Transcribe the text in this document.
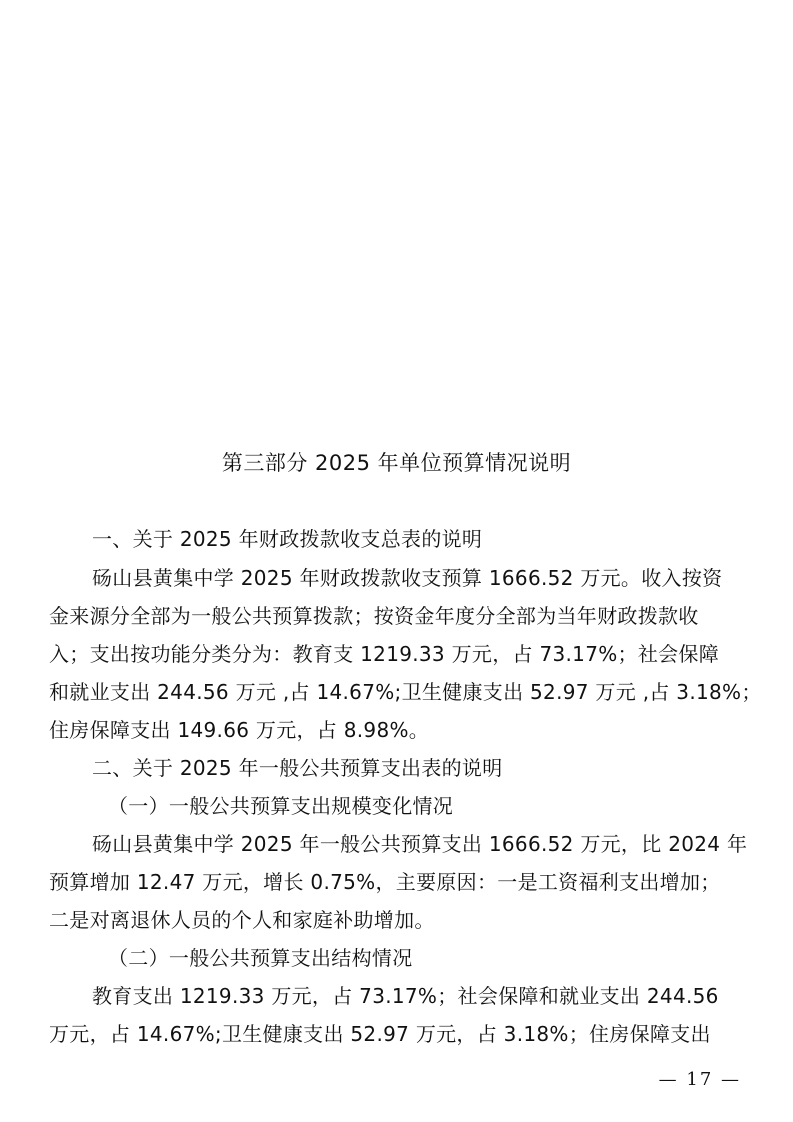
第三部分 2025 年单位预算情况说明
一、关于 2025 年财政拨款收支总表的说明
砀山县黄集中学 2025 年财政拨款收支预算 1666.52 万元。收入按资
金来源分全部为一般公共预算拨款；按资金年度分全部为当年财政拨款收
入；支出按功能分类分为：教育支 1219.33 万元，占 73.17%；社会保障
和就业支出 244.56 万元 ,占 14.67%;卫生健康支出 52.97 万元 ,占 3.18%；
住房保障支出 149.66 万元，占 8.98%。
二、关于 2025 年一般公共预算支出表的说明
（一）一般公共预算支出规模变化情况
砀山县黄集中学 2025 年一般公共预算支出 1666.52 万元，比 2024 年
预算增加 12.47 万元，增长 0.75%，主要原因：一是工资福利支出增加；
二是对离退休人员的个人和家庭补助增加。
（二）一般公共预算支出结构情况
教育支出 1219.33 万元，占 73.17%；社会保障和就业支出 244.56
万元，占 14.67%;卫生健康支出 52.97 万元，占 3.18%；住房保障支出
— 17 —
